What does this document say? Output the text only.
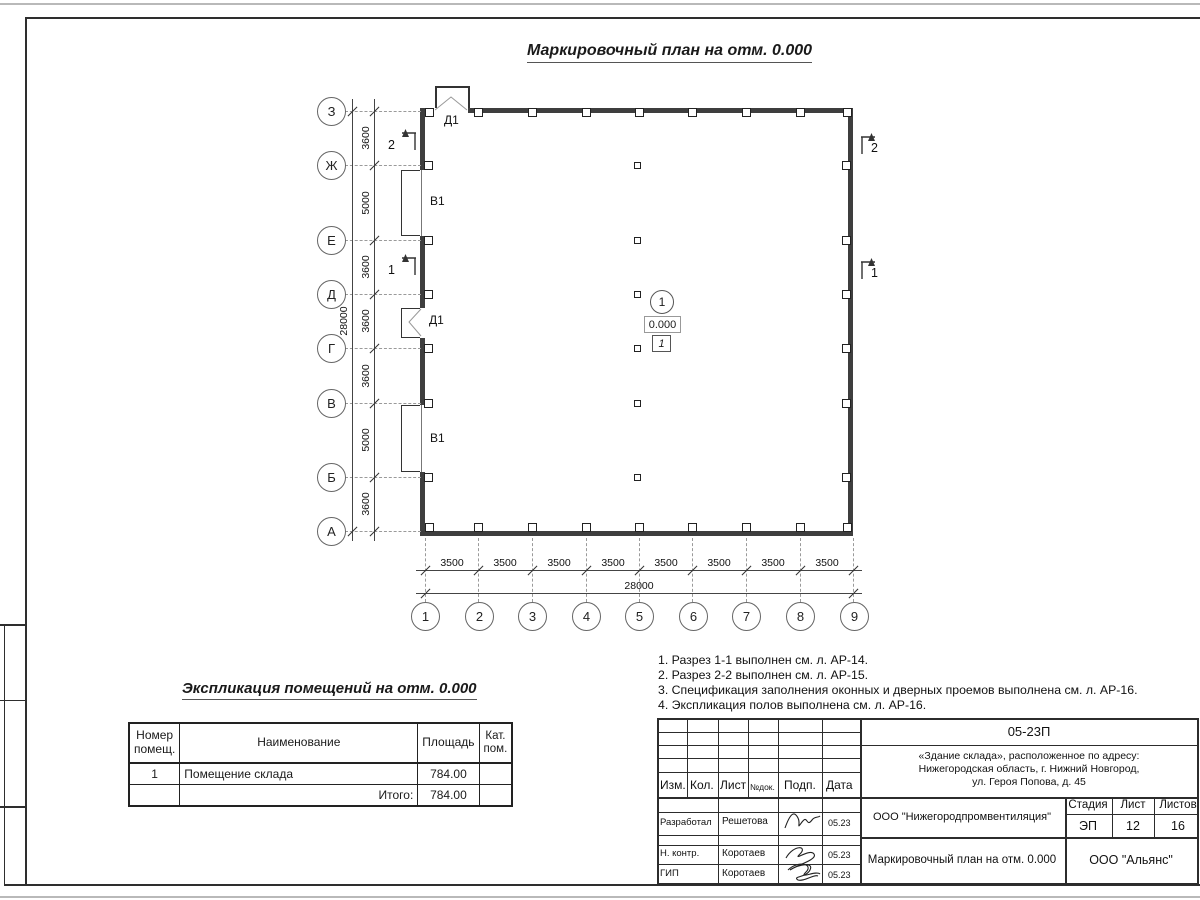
Маркировочный план на отм. 0.000
Д1
В1
Д1
В1
1
0.000
1
2	2
1	1
3600
5000
3600
3600
3600
5000
3600
28000
3500	3500	3500	3500	3500	3500	3500	3500
28000
З
Ж
Е
Д
Г
В
Б
А
1	2	3	4	5	6	7	8	9
Экспликация помещений на отм. 0.000
Номер помещ.	Наименование	Площадь	Кат. пом.
1	Помещение склада	784.00	
	Итого:	784.00	
1. Разрез 1-1 выполнен см. л. АР-14.
2. Разрез 2-2 выполнен см. л. АР-15.
3. Спецификация заполнения оконных и дверных проемов выполнена см. л. АР-16.
4. Экспликация полов выполнена см. л. АР-16.
Изм. Кол. Лист №док. Подп. Дата
Разработал Решетова	05.23
Н. контр. Коротаев	05.23
ГИП	Коротаев	05.23
05-23П
«Здание склада», расположенное по адресу:
Нижегородская область, г. Нижний Новгород,
ул. Героя Попова, д. 45
ООО "Нижегородпромвентиляция"
Стадия Лист Листов
ЭП 12 16
Маркировочный план на отм. 0.000	ООО "Альянс"
